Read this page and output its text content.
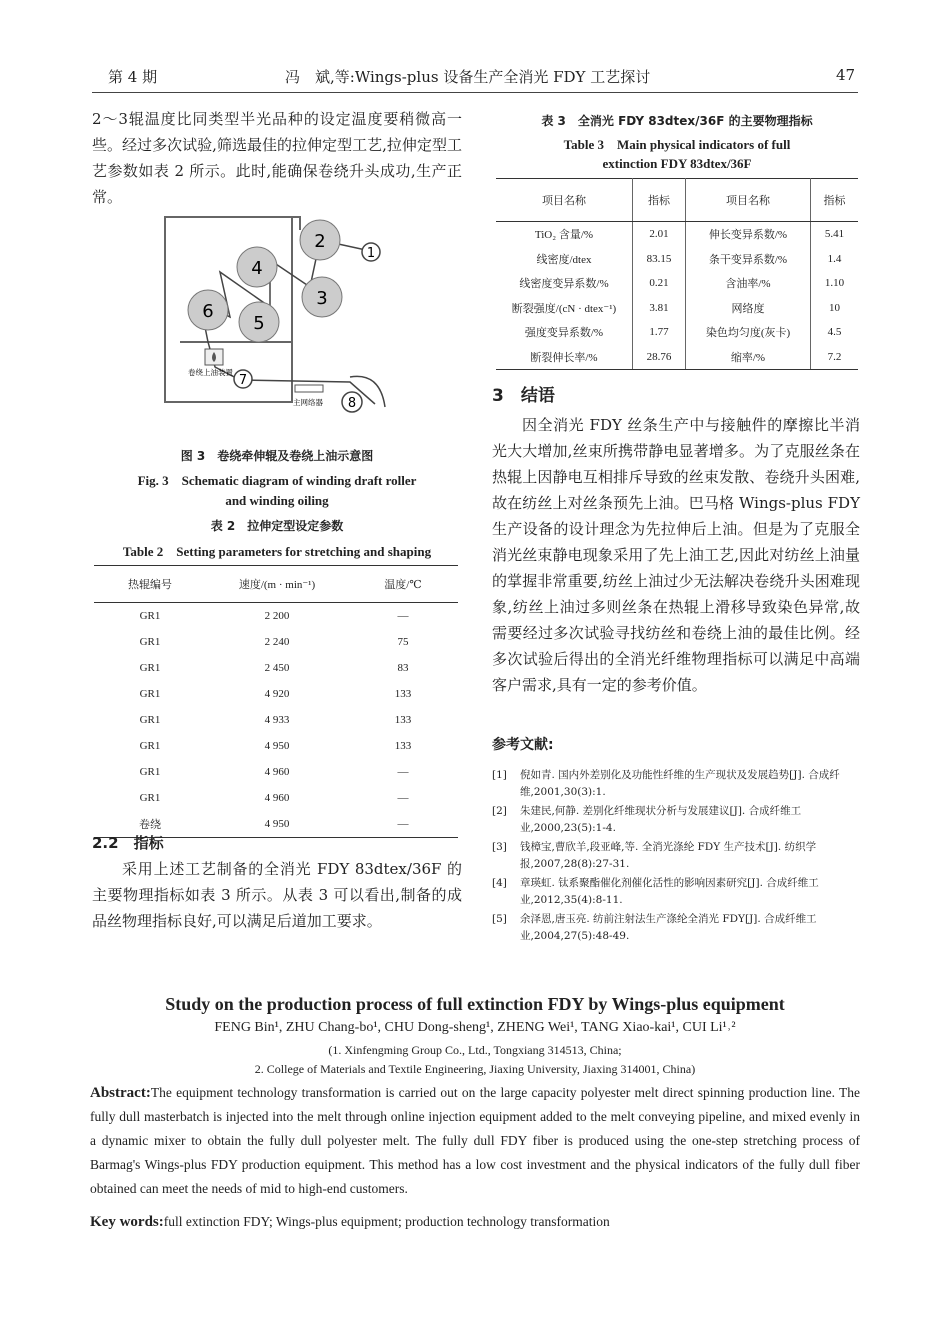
第 4 期	冯　斌,等:Wings-plus 设备生产全消光 FDY 工艺探讨	47
2～3辊温度比同类型半光品种的设定温度要稍微高一些。经过多次试验,筛选最佳的拉伸定型工艺,拉伸定型工艺参数如表 2 所示。此时,能确保卷绕升头成功,生产正常。
2
3
4
5
6
1
7
8
卷绕上油装置
主网络器
图 3　卷绕牵伸辊及卷绕上油示意图
Fig. 3　Schematic diagram of winding draft roller
and winding oiling
表 2　拉伸定型设定参数
Table 2　Setting parameters for stretching and shaping
热辊编号	速度/(m · min⁻¹)	温度/℃
GR1	2 200	—
GR1	2 240	75
GR1	2 450	83
GR1	4 920	133
GR1	4 933	133
GR1	4 950	133
GR1	4 960	—
GR1	4 960	—
卷绕	4 950	—
2.2　指标
采用上述工艺制备的全消光 FDY 83dtex/36F 的主要物理指标如表 3 所示。从表 3 可以看出,制备的成品丝物理指标良好,可以满足后道加工要求。
表 3　全消光 FDY 83dtex/36F 的主要物理指标
Table 3　Main physical indicators of full
extinction FDY 83dtex/36F
项目名称	指标	项目名称	指标
TiO₂ 含量/%	2.01	伸长变异系数/%	5.41
线密度/dtex	83.15	条干变异系数/%	1.4
线密度变异系数/%	0.21	含油率/%	1.10
断裂强度/(cN · dtex⁻¹)	3.81	网络度	10
强度变异系数/%	1.77	染色均匀度(灰卡)	4.5
断裂伸长率/%	28.76	缩率/%	7.2
3　结语
因全消光 FDY 丝条生产中与接触件的摩擦比半消光大大增加,丝束所携带静电显著增多。为了克服丝条在热辊上因静电互相排斥导致的丝束发散、卷绕升头困难,故在纺丝上对丝条预先上油。巴马格 Wings-plus FDY 生产设备的设计理念为先拉伸后上油。但是为了克服全消光丝束静电现象采用了先上油工艺,因此对纺丝上油量的掌握非常重要,纺丝上油过少无法解决卷绕升头困难现象,纺丝上油过多则丝条在热辊上滑移导致染色异常,故需要经过多次试验寻找纺丝和卷绕上油的最佳比例。经多次试验后得出的全消光纤维物理指标可以满足中高端客户需求,具有一定的参考价值。
参考文献:
[1]	倪如青. 国内外差别化及功能性纤维的生产现状及发展趋势[J]. 合成纤维,2001,30(3):1.
[2]	朱建民,何静. 差别化纤维现状分析与发展建议[J]. 合成纤维工业,2000,23(5):1-4.
[3]	钱樟宝,曹欣羊,段亚峰,等. 全消光涤纶 FDY 生产技术[J]. 纺织学报,2007,28(8):27-31.
[4]	章瑛虹. 钛系聚酯催化剂催化活性的影响因素研究[J]. 合成纤维工业,2012,35(4):8-11.
[5]	余泽恩,唐玉亮. 纺前注射法生产涤纶全消光 FDY[J]. 合成纤维工业,2004,27(5):48-49.
Study on the production process of full extinction FDY by Wings-plus equipment
FENG Bin¹, ZHU Chang-bo¹, CHU Dong-sheng¹, ZHENG Wei¹, TANG Xiao-kai¹, CUI Li¹˒²
(1. Xinfengming Group Co., Ltd., Tongxiang 314513, China;
2. College of Materials and Textile Engineering, Jiaxing University, Jiaxing 314001, China)
Abstract:The equipment technology transformation is carried out on the large capacity polyester melt direct spinning production line. The fully dull masterbatch is injected into the melt through online injection equipment added to the melt conveying pipeline, and mixed evenly in a dynamic mixer to obtain the fully dull polyester melt. The fully dull FDY fiber is produced using the one-step stretching process of Barmag's Wings-plus FDY production equipment. This method has a low cost investment and the physical indicators of the fully dull fiber obtained can meet the needs of mid to high-end customers.
Key words:full extinction FDY; Wings-plus equipment; production technology transformation
